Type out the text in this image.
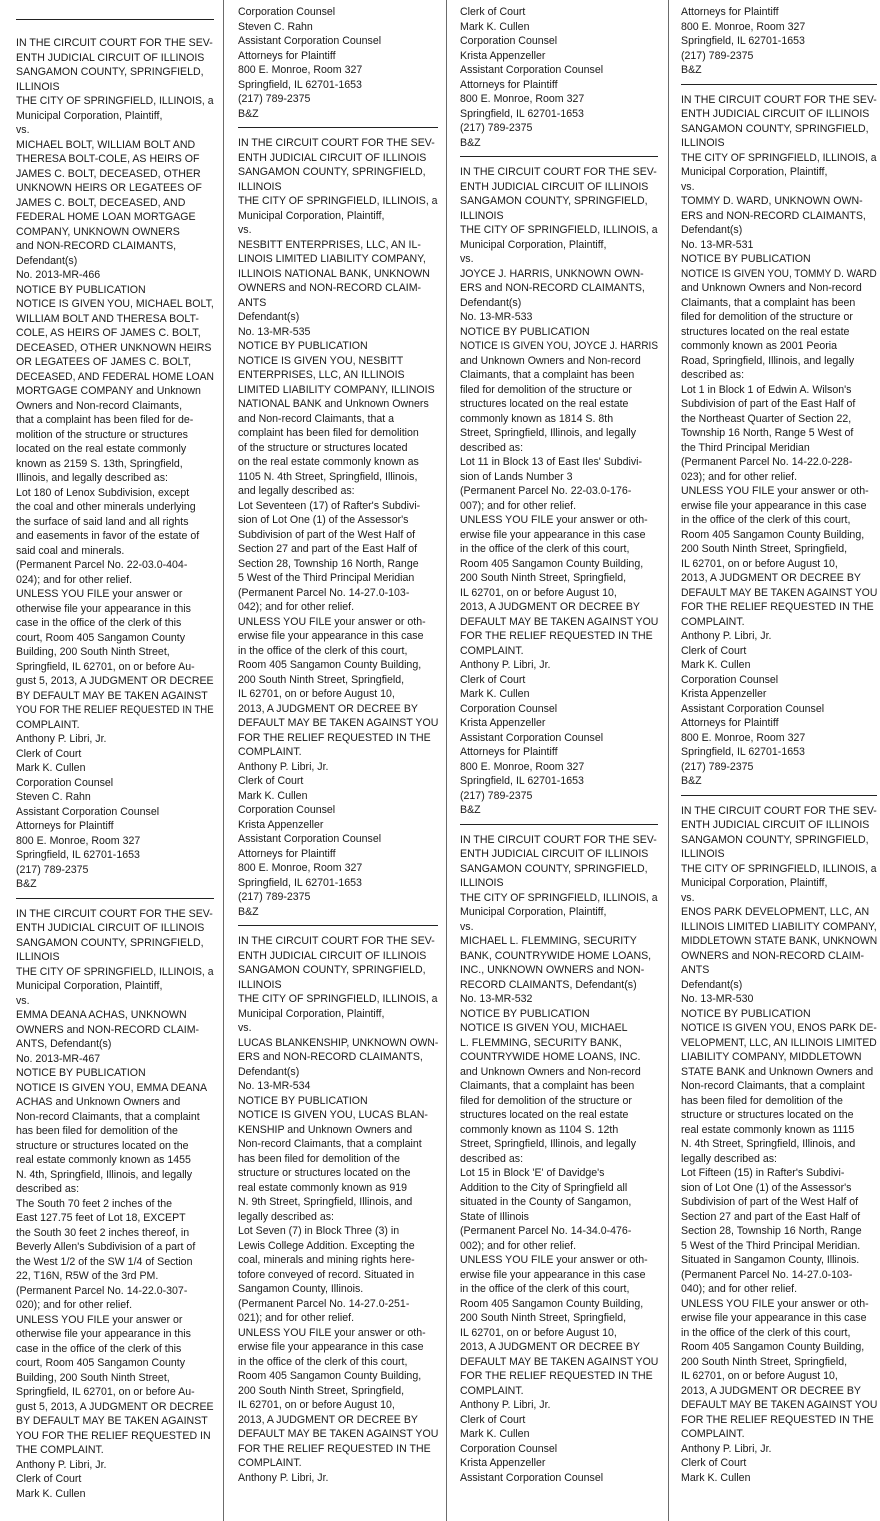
IN THE CIRCUIT COURT FOR THE SEV-
ENTH JUDICIAL CIRCUIT OF ILLINOIS
SANGAMON COUNTY, SPRINGFIELD,
ILLINOIS
THE CITY OF SPRINGFIELD, ILLINOIS, a
Municipal Corporation, Plaintiff,
vs.
MICHAEL BOLT, WILLIAM BOLT AND
THERESA BOLT-COLE, AS HEIRS OF
JAMES C. BOLT, DECEASED, OTHER
UNKNOWN HEIRS OR LEGATEES OF
JAMES C. BOLT, DECEASED, AND
FEDERAL HOME LOAN MORTGAGE
COMPANY, UNKNOWN OWNERS
and NON-RECORD CLAIMANTS,
Defendant(s)
No. 2013-MR-466
NOTICE BY PUBLICATION
NOTICE IS GIVEN YOU, MICHAEL BOLT,
WILLIAM BOLT AND THERESA BOLT-
COLE, AS HEIRS OF JAMES C. BOLT,
DECEASED, OTHER UNKNOWN HEIRS
OR LEGATEES OF JAMES C. BOLT,
DECEASED, AND FEDERAL HOME LOAN
MORTGAGE COMPANY and Unknown
Owners and Non-record Claimants,
that a complaint has been filed for de-
molition of the structure or structures
located on the real estate commonly
known as 2159 S. 13th, Springfield,
Illinois, and legally described as:
Lot 180 of Lenox Subdivision, except
the coal and other minerals underlying
the surface of said land and all rights
and easements in favor of the estate of
said coal and minerals.
(Permanent Parcel No. 22-03.0-404-
024); and for other relief.
UNLESS YOU FILE your answer or
otherwise file your appearance in this
case in the office of the clerk of this
court, Room 405 Sangamon County
Building, 200 South Ninth Street,
Springfield, IL 62701, on or before Au-
gust 5, 2013, A JUDGMENT OR DECREE
BY DEFAULT MAY BE TAKEN AGAINST
YOU FOR THE RELIEF REQUESTED IN THE
COMPLAINT.
Anthony P. Libri, Jr.
Clerk of Court
Mark K. Cullen
Corporation Counsel
Steven C. Rahn
Assistant Corporation Counsel
Attorneys for Plaintiff
800 E. Monroe, Room 327
Springfield, IL 62701-1653
(217) 789-2375
B&Z
IN THE CIRCUIT COURT FOR THE SEV-
ENTH JUDICIAL CIRCUIT OF ILLINOIS
SANGAMON COUNTY, SPRINGFIELD,
ILLINOIS
THE CITY OF SPRINGFIELD, ILLINOIS, a
Municipal Corporation, Plaintiff,
vs.
EMMA DEANA ACHAS, UNKNOWN
OWNERS and NON-RECORD CLAIM-
ANTS, Defendant(s)
No. 2013-MR-467
NOTICE BY PUBLICATION
NOTICE IS GIVEN YOU, EMMA DEANA
ACHAS and Unknown Owners and
Non-record Claimants, that a complaint
has been filed for demolition of the
structure or structures located on the
real estate commonly known as 1455
N. 4th, Springfield, Illinois, and legally
described as:
The South 70 feet 2 inches of the
East 127.75 feet of Lot 18, EXCEPT
the South 30 feet 2 inches thereof, in
Beverly Allen's Subdivision of a part of
the West 1/2 of the SW 1/4 of Section
22, T16N, R5W of the 3rd PM.
(Permanent Parcel No. 14-22.0-307-
020); and for other relief.
UNLESS YOU FILE your answer or
otherwise file your appearance in this
case in the office of the clerk of this
court, Room 405 Sangamon County
Building, 200 South Ninth Street,
Springfield, IL 62701, on or before Au-
gust 5, 2013, A JUDGMENT OR DECREE
BY DEFAULT MAY BE TAKEN AGAINST
YOU FOR THE RELIEF REQUESTED IN
THE COMPLAINT.
Anthony P. Libri, Jr.
Clerk of Court
Mark K. Cullen
Corporation Counsel
Steven C. Rahn
Assistant Corporation Counsel
Attorneys for Plaintiff
800 E. Monroe, Room 327
Springfield, IL 62701-1653
(217) 789-2375
B&Z
IN THE CIRCUIT COURT FOR THE SEV-
ENTH JUDICIAL CIRCUIT OF ILLINOIS
SANGAMON COUNTY, SPRINGFIELD,
ILLINOIS
THE CITY OF SPRINGFIELD, ILLINOIS, a
Municipal Corporation, Plaintiff,
vs.
NESBITT ENTERPRISES, LLC, AN IL-
LINOIS LIMITED LIABILITY COMPANY,
ILLINOIS NATIONAL BANK, UNKNOWN
OWNERS and NON-RECORD CLAIM-
ANTS
Defendant(s)
No. 13-MR-535
NOTICE BY PUBLICATION
NOTICE IS GIVEN YOU, NESBITT
ENTERPRISES, LLC, AN ILLINOIS
LIMITED LIABILITY COMPANY, ILLINOIS
NATIONAL BANK and Unknown Owners
and Non-record Claimants, that a
complaint has been filed for demolition
of the structure or structures located
on the real estate commonly known as
1105 N. 4th Street, Springfield, Illinois,
and legally described as:
Lot Seventeen (17) of Rafter's Subdivi-
sion of Lot One (1) of the Assessor's
Subdivision of part of the West Half of
Section 27 and part of the East Half of
Section 28, Township 16 North, Range
5 West of the Third Principal Meridian
(Permanent Parcel No. 14-27.0-103-
042); and for other relief.
UNLESS YOU FILE your answer or oth-
erwise file your appearance in this case
in the office of the clerk of this court,
Room 405 Sangamon County Building,
200 South Ninth Street, Springfield,
IL 62701, on or before August 10,
2013, A JUDGMENT OR DECREE BY
DEFAULT MAY BE TAKEN AGAINST YOU
FOR THE RELIEF REQUESTED IN THE
COMPLAINT.
Anthony P. Libri, Jr.
Clerk of Court
Mark K. Cullen
Corporation Counsel
Krista Appenzeller
Assistant Corporation Counsel
Attorneys for Plaintiff
800 E. Monroe, Room 327
Springfield, IL 62701-1653
(217) 789-2375
B&Z
IN THE CIRCUIT COURT FOR THE SEV-
ENTH JUDICIAL CIRCUIT OF ILLINOIS
SANGAMON COUNTY, SPRINGFIELD,
ILLINOIS
THE CITY OF SPRINGFIELD, ILLINOIS, a
Municipal Corporation, Plaintiff,
vs.
LUCAS BLANKENSHIP, UNKNOWN OWN-
ERS and NON-RECORD CLAIMANTS,
Defendant(s)
No. 13-MR-534
NOTICE BY PUBLICATION
NOTICE IS GIVEN YOU, LUCAS BLAN-
KENSHIP and Unknown Owners and
Non-record Claimants, that a complaint
has been filed for demolition of the
structure or structures located on the
real estate commonly known as 919
N. 9th Street, Springfield, Illinois, and
legally described as:
Lot Seven (7) in Block Three (3) in
Lewis College Addition. Excepting the
coal, minerals and mining rights here-
tofore conveyed of record. Situated in
Sangamon County, Illinois.
(Permanent Parcel No. 14-27.0-251-
021); and for other relief.
UNLESS YOU FILE your answer or oth-
erwise file your appearance in this case
in the office of the clerk of this court,
Room 405 Sangamon County Building,
200 South Ninth Street, Springfield,
IL 62701, on or before August 10,
2013, A JUDGMENT OR DECREE BY
DEFAULT MAY BE TAKEN AGAINST YOU
FOR THE RELIEF REQUESTED IN THE
COMPLAINT.
Anthony P. Libri, Jr.
Clerk of Court
Mark K. Cullen
Corporation Counsel
Krista Appenzeller
Assistant Corporation Counsel
Attorneys for Plaintiff
800 E. Monroe, Room 327
Springfield, IL 62701-1653
(217) 789-2375
B&Z
IN THE CIRCUIT COURT FOR THE SEV-
ENTH JUDICIAL CIRCUIT OF ILLINOIS
SANGAMON COUNTY, SPRINGFIELD,
ILLINOIS
THE CITY OF SPRINGFIELD, ILLINOIS, a
Municipal Corporation, Plaintiff,
vs.
JOYCE J. HARRIS, UNKNOWN OWN-
ERS and NON-RECORD CLAIMANTS,
Defendant(s)
No. 13-MR-533
NOTICE BY PUBLICATION
NOTICE IS GIVEN YOU, JOYCE J. HARRIS
and Unknown Owners and Non-record
Claimants, that a complaint has been
filed for demolition of the structure or
structures located on the real estate
commonly known as 1814 S. 8th
Street, Springfield, Illinois, and legally
described as:
Lot 11 in Block 13 of East Iles' Subdivi-
sion of Lands Number 3
(Permanent Parcel No. 22-03.0-176-
007); and for other relief.
UNLESS YOU FILE your answer or oth-
erwise file your appearance in this case
in the office of the clerk of this court,
Room 405 Sangamon County Building,
200 South Ninth Street, Springfield,
IL 62701, on or before August 10,
2013, A JUDGMENT OR DECREE BY
DEFAULT MAY BE TAKEN AGAINST YOU
FOR THE RELIEF REQUESTED IN THE
COMPLAINT.
Anthony P. Libri, Jr.
Clerk of Court
Mark K. Cullen
Corporation Counsel
Krista Appenzeller
Assistant Corporation Counsel
Attorneys for Plaintiff
800 E. Monroe, Room 327
Springfield, IL 62701-1653
(217) 789-2375
B&Z
IN THE CIRCUIT COURT FOR THE SEV-
ENTH JUDICIAL CIRCUIT OF ILLINOIS
SANGAMON COUNTY, SPRINGFIELD,
ILLINOIS
THE CITY OF SPRINGFIELD, ILLINOIS, a
Municipal Corporation, Plaintiff,
vs.
MICHAEL L. FLEMMING, SECURITY
BANK, COUNTRYWIDE HOME LOANS,
INC., UNKNOWN OWNERS and NON-
RECORD CLAIMANTS, Defendant(s)
No. 13-MR-532
NOTICE BY PUBLICATION
NOTICE IS GIVEN YOU, MICHAEL
L. FLEMMING, SECURITY BANK,
COUNTRYWIDE HOME LOANS, INC.
and Unknown Owners and Non-record
Claimants, that a complaint has been
filed for demolition of the structure or
structures located on the real estate
commonly known as 1104 S. 12th
Street, Springfield, Illinois, and legally
described as:
Lot 15 in Block 'E' of Davidge's
Addition to the City of Springfield all
situated in the County of Sangamon,
State of Illinois
(Permanent Parcel No. 14-34.0-476-
002); and for other relief.
UNLESS YOU FILE your answer or oth-
erwise file your appearance in this case
in the office of the clerk of this court,
Room 405 Sangamon County Building,
200 South Ninth Street, Springfield,
IL 62701, on or before August 10,
2013, A JUDGMENT OR DECREE BY
DEFAULT MAY BE TAKEN AGAINST YOU
FOR THE RELIEF REQUESTED IN THE
COMPLAINT.
Anthony P. Libri, Jr.
Clerk of Court
Mark K. Cullen
Corporation Counsel
Krista Appenzeller
Assistant Corporation Counsel
Attorneys for Plaintiff
800 E. Monroe, Room 327
Springfield, IL 62701-1653
(217) 789-2375
B&Z
IN THE CIRCUIT COURT FOR THE SEV-
ENTH JUDICIAL CIRCUIT OF ILLINOIS
SANGAMON COUNTY, SPRINGFIELD,
ILLINOIS
THE CITY OF SPRINGFIELD, ILLINOIS, a
Municipal Corporation, Plaintiff,
vs.
TOMMY D. WARD, UNKNOWN OWN-
ERS and NON-RECORD CLAIMANTS,
Defendant(s)
No. 13-MR-531
NOTICE BY PUBLICATION
NOTICE IS GIVEN YOU, TOMMY D. WARD
and Unknown Owners and Non-record
Claimants, that a complaint has been
filed for demolition of the structure or
structures located on the real estate
commonly known as 2001 Peoria
Road, Springfield, Illinois, and legally
described as:
Lot 1 in Block 1 of Edwin A. Wilson's
Subdivision of part of the East Half of
the Northeast Quarter of Section 22,
Township 16 North, Range 5 West of
the Third Principal Meridian
(Permanent Parcel No. 14-22.0-228-
023); and for other relief.
UNLESS YOU FILE your answer or oth-
erwise file your appearance in this case
in the office of the clerk of this court,
Room 405 Sangamon County Building,
200 South Ninth Street, Springfield,
IL 62701, on or before August 10,
2013, A JUDGMENT OR DECREE BY
DEFAULT MAY BE TAKEN AGAINST YOU
FOR THE RELIEF REQUESTED IN THE
COMPLAINT.
Anthony P. Libri, Jr.
Clerk of Court
Mark K. Cullen
Corporation Counsel
Krista Appenzeller
Assistant Corporation Counsel
Attorneys for Plaintiff
800 E. Monroe, Room 327
Springfield, IL 62701-1653
(217) 789-2375
B&Z
IN THE CIRCUIT COURT FOR THE SEV-
ENTH JUDICIAL CIRCUIT OF ILLINOIS
SANGAMON COUNTY, SPRINGFIELD,
ILLINOIS
THE CITY OF SPRINGFIELD, ILLINOIS, a
Municipal Corporation, Plaintiff,
vs.
ENOS PARK DEVELOPMENT, LLC, AN
ILLINOIS LIMITED LIABILITY COMPANY,
MIDDLETOWN STATE BANK, UNKNOWN
OWNERS and NON-RECORD CLAIM-
ANTS
Defendant(s)
No. 13-MR-530
NOTICE BY PUBLICATION
NOTICE IS GIVEN YOU, ENOS PARK DE-
VELOPMENT, LLC, AN ILLINOIS LIMITED
LIABILITY COMPANY, MIDDLETOWN
STATE BANK and Unknown Owners and
Non-record Claimants, that a complaint
has been filed for demolition of the
structure or structures located on the
real estate commonly known as 1115
N. 4th Street, Springfield, Illinois, and
legally described as:
Lot Fifteen (15) in Rafter's Subdivi-
sion of Lot One (1) of the Assessor's
Subdivision of part of the West Half of
Section 27 and part of the East Half of
Section 28, Township 16 North, Range
5 West of the Third Principal Meridian.
Situated in Sangamon County, Illinois.
(Permanent Parcel No. 14-27.0-103-
040); and for other relief.
UNLESS YOU FILE your answer or oth-
erwise file your appearance in this case
in the office of the clerk of this court,
Room 405 Sangamon County Building,
200 South Ninth Street, Springfield,
IL 62701, on or before August 10,
2013, A JUDGMENT OR DECREE BY
DEFAULT MAY BE TAKEN AGAINST YOU
FOR THE RELIEF REQUESTED IN THE
COMPLAINT.
Anthony P. Libri, Jr.
Clerk of Court
Mark K. Cullen
